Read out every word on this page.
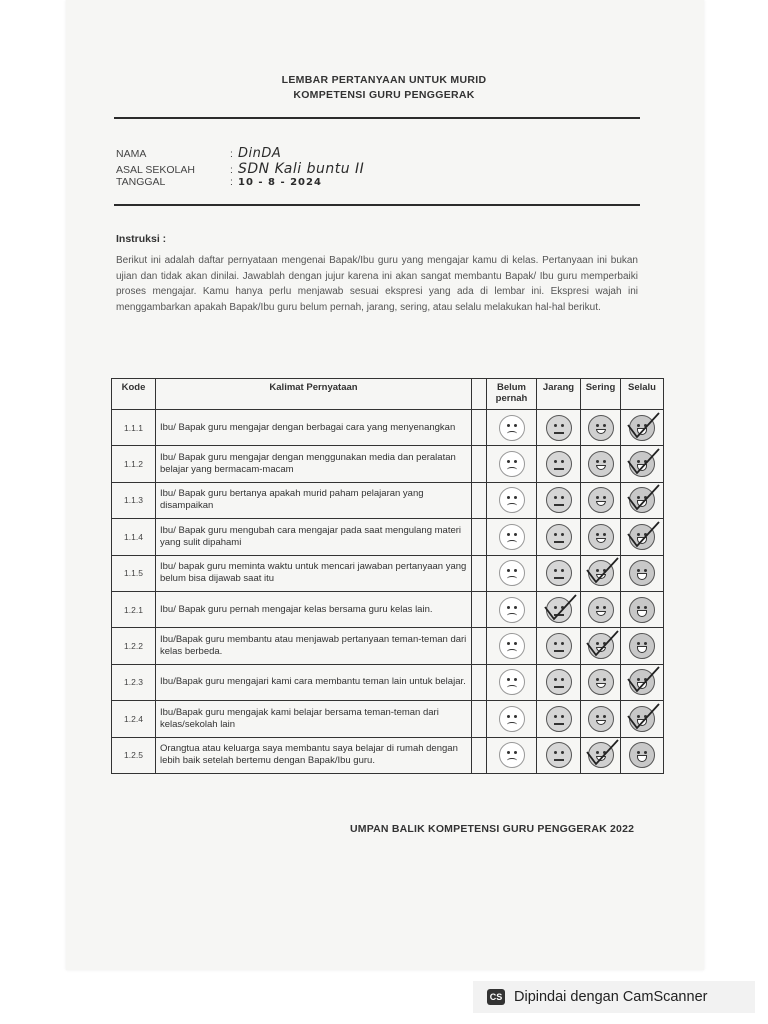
LEMBAR PERTANYAAN UNTUK MURID
KOMPETENSI GURU PENGGERAK
NAMA	: DinDA
ASAL SEKOLAH	: SDN Kali buntu II
TANGGAL	: 10 - 8 - 2024
Instruksi :
Berikut ini adalah daftar pernyataan mengenai Bapak/Ibu guru yang mengajar kamu di kelas. Pertanyaan ini bukan ujian dan tidak akan dinilai. Jawablah dengan jujur karena ini akan sangat membantu Bapak/ Ibu guru memperbaiki proses mengajar. Kamu hanya perlu menjawab sesuai ekspresi yang ada di lembar ini. Ekspresi wajah ini menggambarkan apakah Bapak/Ibu guru belum pernah, jarang, sering, atau selalu melakukan hal-hal berikut.
Kode	Kalimat Pernyataan		Belum pernah	Jarang	Sering	Selalu
1.1.1	Ibu/ Bapak guru mengajar dengan berbagai cara yang menyenangkan		

1.1.2	Ibu/ Bapak guru mengajar dengan menggunakan media dan peralatan belajar yang bermacam-macam		

1.1.3	Ibu/ Bapak guru bertanya apakah murid paham pelajaran yang disampaikan		

1.1.4	Ibu/ Bapak guru mengubah cara mengajar pada saat mengulang materi yang sulit dipahami		

1.1.5	Ibu/ bapak guru meminta waktu untuk mencari jawaban pertanyaan yang belum bisa dijawab saat itu		

1.2.1	Ibu/ Bapak guru pernah mengajar kelas bersama guru kelas lain.		

1.2.2	Ibu/Bapak guru membantu atau menjawab pertanyaan teman-teman dari kelas berbeda.		

1.2.3	Ibu/Bapak guru mengajari kami cara membantu teman lain untuk belajar.		

1.2.4	Ibu/Bapak guru mengajak kami belajar bersama teman-teman dari kelas/sekolah lain		

1.2.5	Orangtua atau keluarga saya membantu saya belajar di rumah dengan lebih baik setelah bertemu dengan Bapak/Ibu guru.		

UMPAN BALIK KOMPETENSI GURU PENGGERAK 2022
CS Dipindai dengan CamScanner
